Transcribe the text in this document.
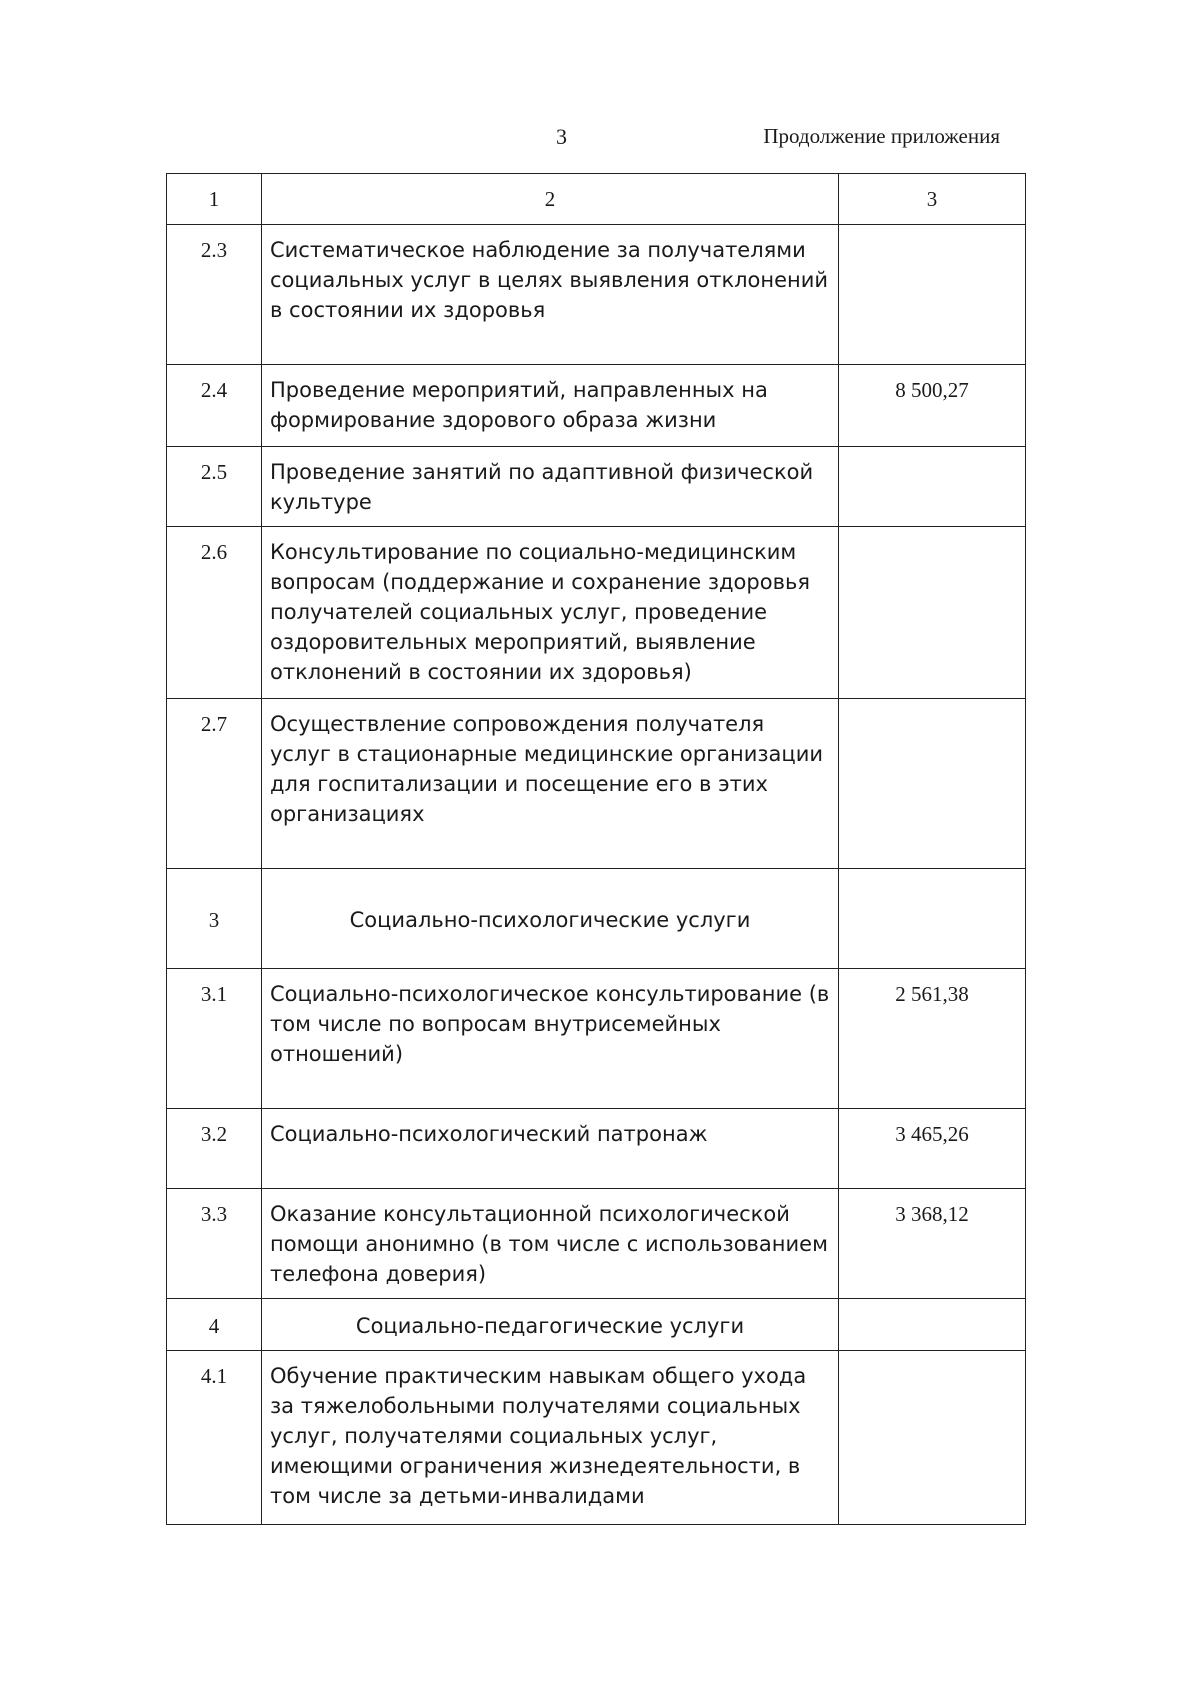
3	Продолжение приложения
1	2	3
2.3	Систематическое наблюдение за получателями социальных услуг в целях выявления отклонений в состоянии их здоровья	
2.4	Проведение мероприятий, направленных на формирование здорового образа жизни	8 500,27
2.5	Проведение занятий по адаптивной физической культуре	
2.6	Консультирование по социально-медицинским вопросам (поддержание и сохранение здоровья получателей социальных услуг, проведение оздоровительных мероприятий, выявление отклонений в состоянии их здоровья)	
2.7	Осуществление сопровождения получателя услуг в стационарные медицинские организации для госпитализации и посещение его в этих организациях	
3	Социально-психологические услуги	
3.1	Социально-психологическое консультирование (в том числе по вопросам внутрисемейных отношений)	2 561,38
3.2	Социально-психологический патронаж	3 465,26
3.3	Оказание консультационной психологической помощи анонимно (в том числе с использованием телефона доверия)	3 368,12
4	Социально-педагогические услуги	
4.1	Обучение практическим навыкам общего ухода за тяжелобольными получателями социальных услуг, получателями социальных услуг, имеющими ограничения жизнедеятельности, в том числе за детьми-инвалидами	
